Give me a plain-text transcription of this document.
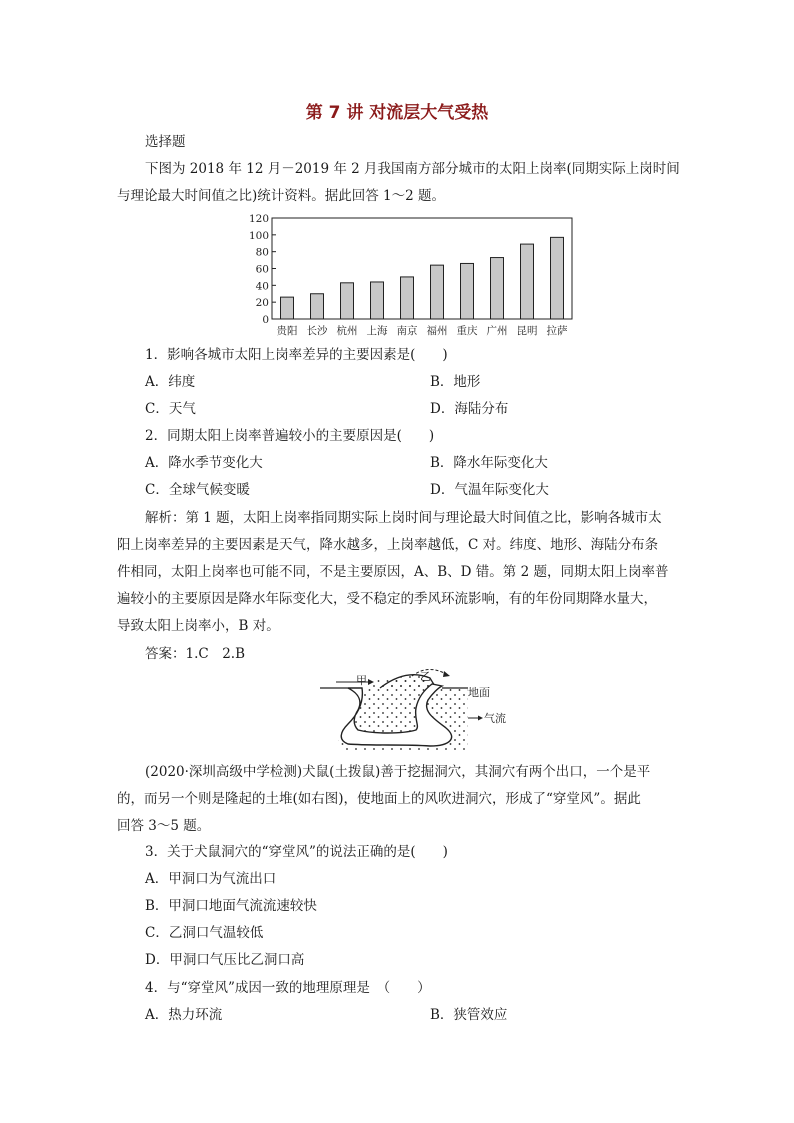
第 7 讲 对流层大气受热
选择题
下图为 2018 年 12 月－2019 年 2 月我国南方部分城市的太阳上岗率(同期实际上岗时间
与理论最大时间值之比)统计资料。据此回答 1～2 题。
120
100
80
60
40
20
0
贵阳 长沙 杭州 上海 南京 福州 重庆 广州 昆明 拉萨
1．影响各城市太阳上岗率差异的主要因素是(　　)
A．纬度	B．地形
C．天气	D．海陆分布
2．同期太阳上岗率普遍较小的主要原因是(　　)
A．降水季节变化大	B．降水年际变化大
C．全球气候变暖	D．气温年际变化大
解析：第 1 题，太阳上岗率指同期实际上岗时间与理论最大时间值之比，影响各城市太
阳上岗率差异的主要因素是天气，降水越多，上岗率越低，C 对。纬度、地形、海陆分布条
件相同，太阳上岗率也可能不同，不是主要原因，A、B、D 错。第 2 题，同期太阳上岗率普
遍较小的主要原因是降水年际变化大，受不稳定的季风环流影响，有的年份同期降水量大，
导致太阳上岗率小，B 对。
答案：1.C　2.B
甲	乙
地面
气流
(2020·深圳高级中学检测)犬鼠(土拨鼠)善于挖掘洞穴，其洞穴有两个出口，一个是平
的，而另一个则是隆起的土堆(如右图)，使地面上的风吹进洞穴，形成了“穿堂风”。据此
回答 3～5 题。
3．关于犬鼠洞穴的“穿堂风”的说法正确的是(　　)
A．甲洞口为气流出口
B．甲洞口地面气流流速较快
C．乙洞口气温较低
D．甲洞口气压比乙洞口高
4．与“穿堂风”成因一致的地理原理是　（　　）
A．热力环流	B．狭管效应
